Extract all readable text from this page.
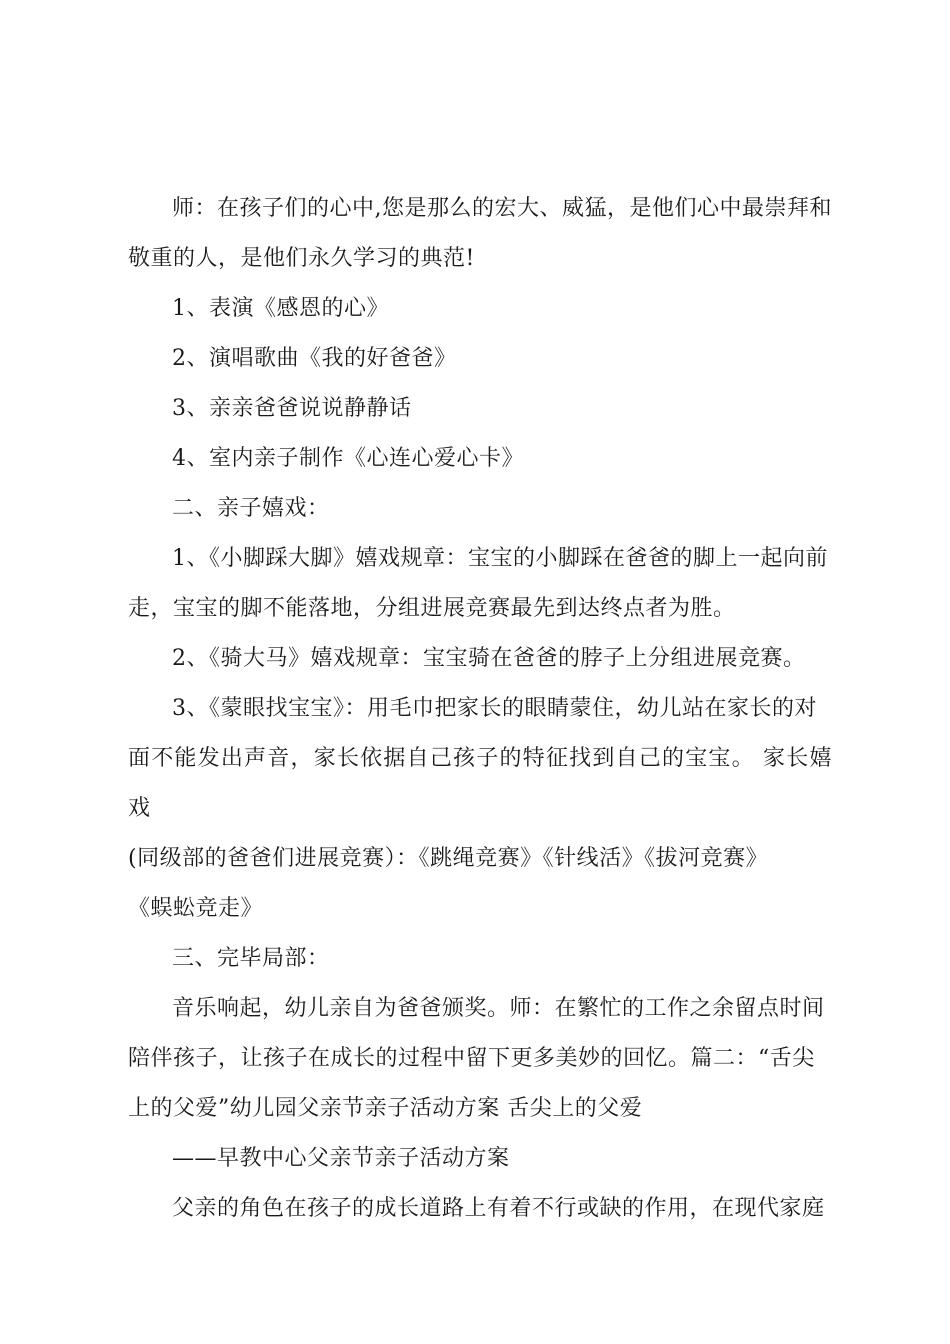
师：在孩子们的心中,您是那么的宏大、威猛，是他们心中最崇拜和
敬重的人，是他们永久学习的典范!

1、表演《感恩的心》

2、演唱歌曲《我的好爸爸》

3、亲亲爸爸说说静静话

4、室内亲子制作《心连心爱心卡》

二、亲子嬉戏：

1、《小脚踩大脚》嬉戏规章：宝宝的小脚踩在爸爸的脚上一起向前
走，宝宝的脚不能落地，分组进展竞赛最先到达终点者为胜。

2、《骑大马》嬉戏规章：宝宝骑在爸爸的脖子上分组进展竞赛。

3、《蒙眼找宝宝》：用毛巾把家长的眼睛蒙住，幼儿站在家长的对
面不能发出声音，家长依据自己孩子的特征找到自己的宝宝。 家长嬉戏
(同级部的爸爸们进展竞赛）：《跳绳竞赛》《针线活》《拔河竞赛》
《蜈蚣竞走》

三、完毕局部：

音乐响起，幼儿亲自为爸爸颁奖。师：在繁忙的工作之余留点时间
陪伴孩子，让孩子在成长的过程中留下更多美妙的回忆。篇二：“舌尖
上的父爱”幼儿园父亲节亲子活动方案 舌尖上的父爱

——早教中心父亲节亲子活动方案

父亲的角色在孩子的成长道路上有着不行或缺的作用，在现代家庭
